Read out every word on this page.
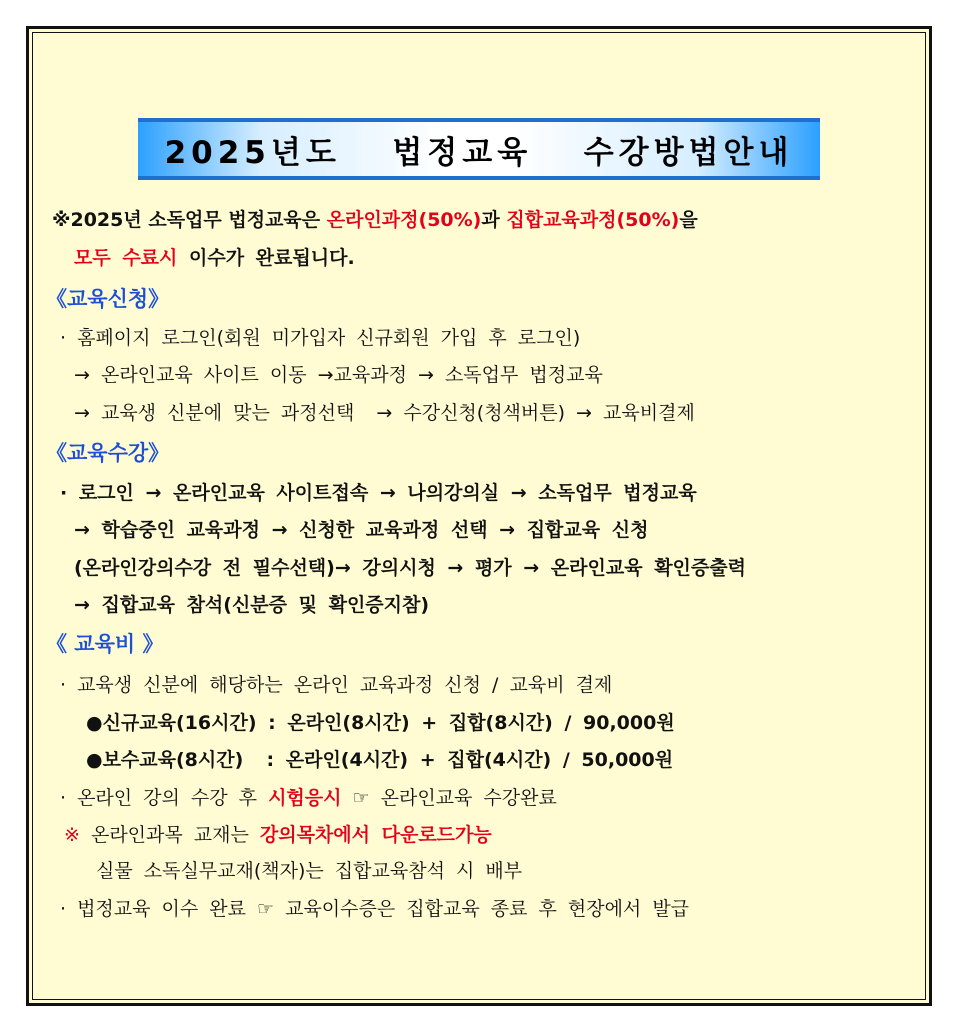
2025년도  법정교육  수강방법안내
※2025년 소독업무 법정교육은 온라인과정(50%)과 집합교육과정(50%)을
모두 수료시 이수가 완료됩니다.
《교육신청》
· 홈페이지 로그인(회원 미가입자 신규회원 가입 후 로그인)
→ 온라인교육 사이트 이동 →교육과정 → 소독업무 법정교육
→ 교육생 신분에 맞는 과정선택  → 수강신청(청색버튼) → 교육비결제
《교육수강》
· 로그인 → 온라인교육 사이트접속 → 나의강의실 → 소독업무 법정교육
→ 학습중인 교육과정 → 신청한 교육과정 선택 → 집합교육 신청
(온라인강의수강 전 필수선택)→ 강의시청 → 평가 → 온라인교육 확인증출력
→ 집합교육 참석(신분증 및 확인증지참)
《 교육비 》
· 교육생 신분에 해당하는 온라인 교육과정 신청 / 교육비 결제
●신규교육(16시간) : 온라인(8시간) + 집합(8시간) / 90,000원
●보수교육(8시간)  : 온라인(4시간) + 집합(4시간) / 50,000원
· 온라인 강의 수강 후 시험응시 ☞ 온라인교육 수강완료
※ 온라인과목 교재는 강의목차에서 다운로드가능
실물 소독실무교재(책자)는 집합교육참석 시 배부
· 법정교육 이수 완료 ☞ 교육이수증은 집합교육 종료 후 현장에서 발급
